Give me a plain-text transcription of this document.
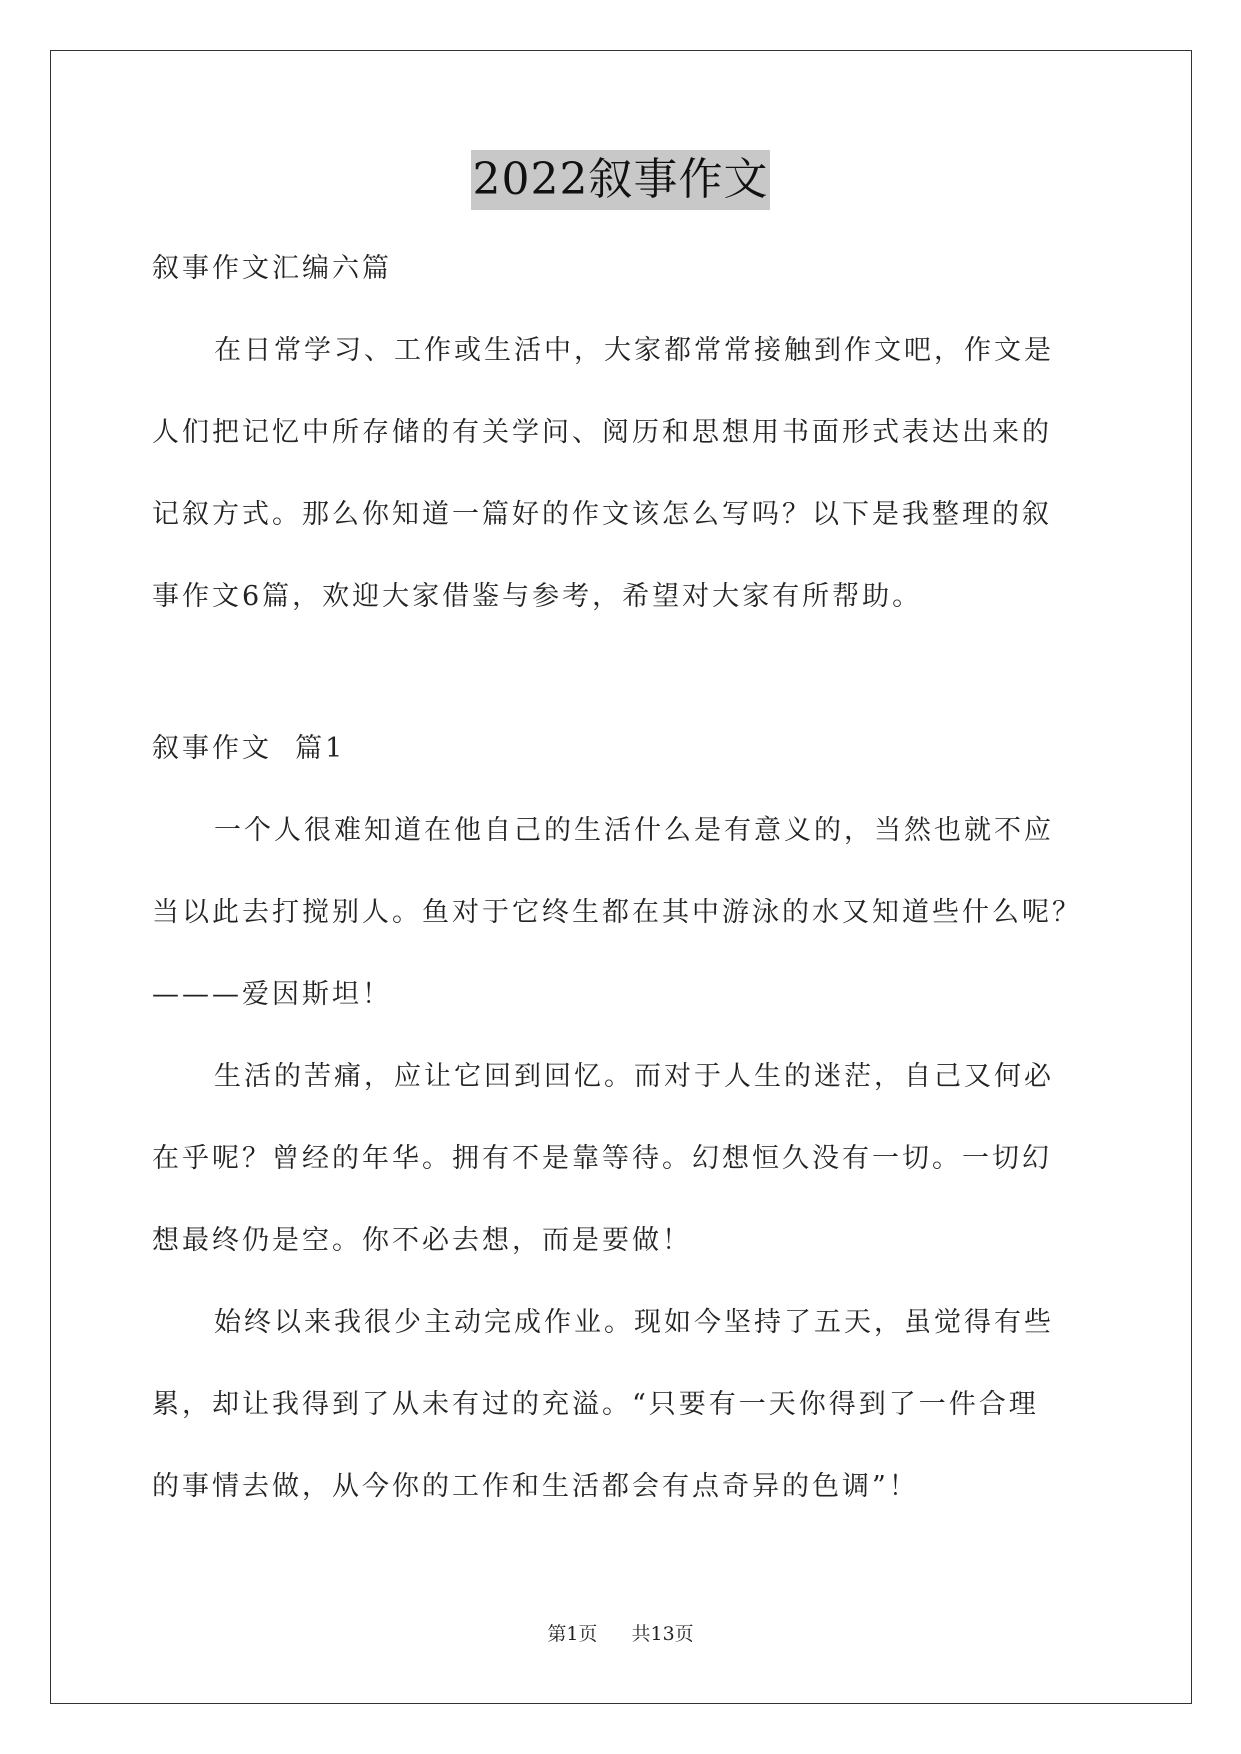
2022叙事作文
叙事作文汇编六篇
在日常学习、工作或生活中，大家都常常接触到作文吧，作文是
人们把记忆中所存储的有关学问、阅历和思想用书面形式表达出来的
记叙方式。那么你知道一篇好的作文该怎么写吗？以下是我整理的叙
事作文6篇，欢迎大家借鉴与参考，希望对大家有所帮助。
叙事作文  篇1
一个人很难知道在他自己的生活什么是有意义的，当然也就不应
当以此去打搅别人。鱼对于它终生都在其中游泳的水又知道些什么呢？
———爱因斯坦！
生活的苦痛，应让它回到回忆。而对于人生的迷茫，自己又何必
在乎呢？曾经的年华。拥有不是靠等待。幻想恒久没有一切。一切幻
想最终仍是空。你不必去想，而是要做！
始终以来我很少主动完成作业。现如今坚持了五天，虽觉得有些
累，却让我得到了从未有过的充溢。“只要有一天你得到了一件合理
的事情去做，从今你的工作和生活都会有点奇异的色调”！
第1页 共13页
